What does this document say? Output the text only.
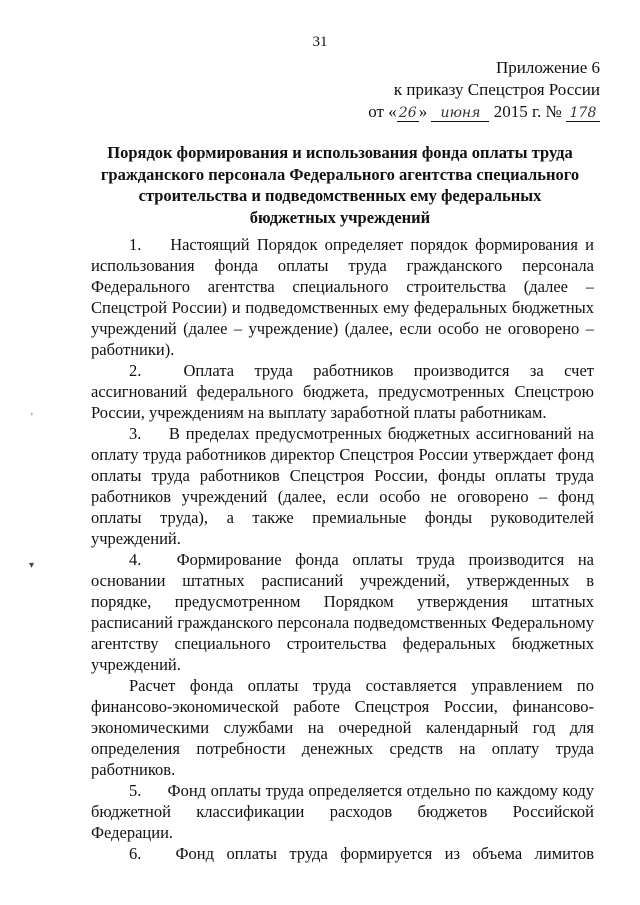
31
Приложение 6
к приказу Спецстроя России
от « 26 » июня 2015 г. № 178
Порядок формирования и использования фонда оплаты труда
гражданского персонала Федерального агентства специального
строительства и подведомственных ему федеральных
бюджетных учреждений

1. Настоящий Порядок определяет порядок формирования и использования фонда оплаты труда гражданского персонала Федерального агентства специального строительства (далее – Спецстрой России) и подведомственных ему федеральных бюджетных учреждений (далее – учреждение) (далее, если особо не оговорено – работники).

2.	Оплата труда работников производится за счет ассигнований федерального бюджета, предусмотренных Спецстрою России, учреждениям на выплату заработной платы работникам.

3. В пределах предусмотренных бюджетных ассигнований на оплату труда работников директор Спецстроя России утверждает фонд оплаты труда работников Спецстроя России, фонды оплаты труда работников учреждений (далее, если особо не оговорено – фонд оплаты труда), а также премиальные фонды руководителей учреждений.

4. Формирование фонда оплаты труда производится на основании штатных расписаний учреждений, утвержденных в порядке, предусмотренном Порядком утверждения штатных расписаний гражданского персонала подведомственных Федеральному агентству специального строительства федеральных бюджетных учреждений.

Расчет фонда оплаты труда составляется управлением по финансово-экономической работе Спецстроя России, финансово-экономическими службами на очередной календарный год для определения потребности денежных средств на оплату труда работников.

5. Фонд оплаты труда определяется отдельно по каждому коду бюджетной классификации расходов бюджетов Российской Федерации.

6. Фонд оплаты труда формируется из объема лимитов

'
▾
